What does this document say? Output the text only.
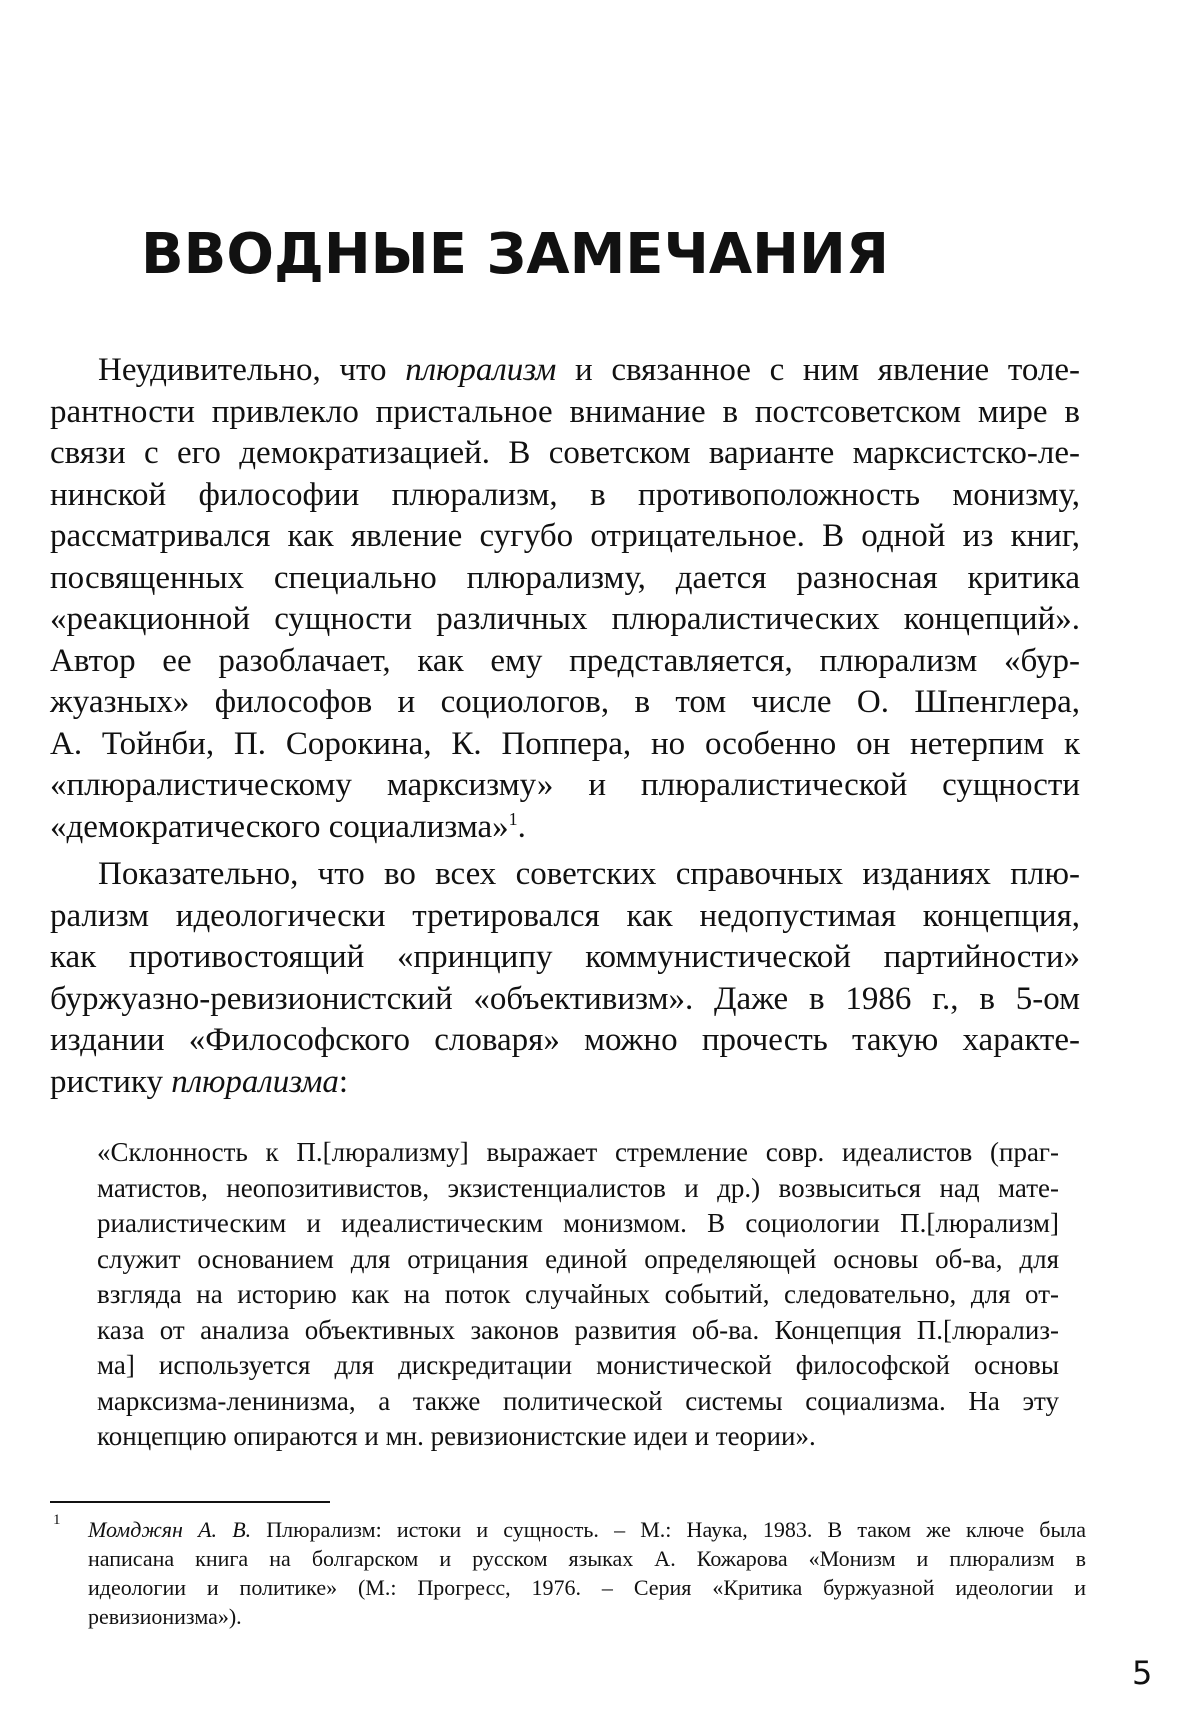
ВВОДНЫЕ ЗАМЕЧАНИЯ
Неудивительно, что плюрализм и связанное с ним явление толе-
рантности привлекло пристальное внимание в постсоветском мире в
связи с его демократизацией. В советском варианте марксистско-ле-
нинской философии плюрализм, в противоположность монизму,
рассматривался как явление сугубо отрицательное. В одной из книг,
посвященных специально плюрализму, дается разносная критика
«реакционной сущности различных плюралистических концепций».
Автор ее разоблачает, как ему представляется, плюрализм «бур-
жуазных» философов и социологов, в том числе О. Шпенглера,
А. Тойнби, П. Сорокина, К. Поппера, но особенно он нетерпим к
«плюралистическому марксизму» и плюралистической сущности
«демократического социализма»$^1$.
Показательно, что во всех советских справочных изданиях плю-
рализм идеологически третировался как недопустимая концепция,
как противостоящий «принципу коммунистической партийности»
буржуазно-ревизионистский «объективизм». Даже в 1986 г., в 5-ом
издании «Философского словаря» можно прочесть такую характе-
ристику плюрализма:
«Склонность к П.[люрализму] выражает стремление совр. идеалистов (праг-
матистов, неопозитивистов, экзистенциалистов и др.) возвыситься над мате-
риалистическим и идеалистическим монизмом. В социологии П.[люрализм]
служит основанием для отрицания единой определяющей основы об-ва, для
взгляда на историю как на поток случайных событий, следовательно, для от-
каза от анализа объективных законов развития об-ва. Концепция П.[люрализ-
ма] используется для дискредитации монистической философской основы
марксизма-ленинизма, а также политической системы социализма. На эту
концепцию опираются и мн. ревизионистские идеи и теории».
1 Момджян А. В. Плюрализм: истоки и сущность. – М.: Наука, 1983. В таком же ключе была
написана книга на болгарском и русском языках А. Кожарова «Монизм и плюрализм в
идеологии и политике» (М.: Прогресс, 1976. – Серия «Критика буржуазной идеологии и
ревизионизма»).
5
